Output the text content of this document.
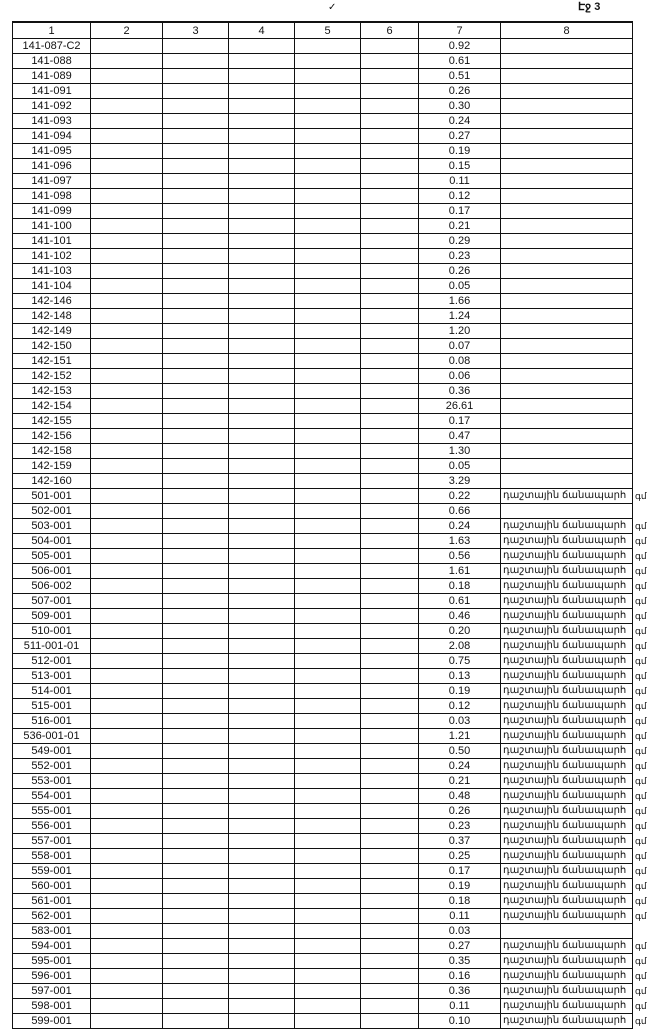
Էջ 3
✓
1	2	3	4	5	6	7	8
141-087-C2						0.92	
141-088						0.61	
141-089						0.51	
141-091						0.26	
141-092						0.30	
141-093						0.24	
141-094						0.27	
141-095						0.19	
141-096						0.15	
141-097						0.11	
141-098						0.12	
141-099						0.17	
141-100						0.21	
141-101						0.29	
141-102						0.23	
141-103						0.26	
141-104						0.05	
142-146						1.66	
142-148						1.24	
142-149						1.20	
142-150						0.07	
142-151						0.08	
142-152						0.06	
142-153						0.36	
142-154						26.61	
142-155						0.17	
142-156						0.47	
142-158						1.30	
142-159						0.05	
142-160						3.29	
501-001						0.22	դաշտային ճանապարհ գմ

502-001						0.66	
503-001						0.24	դաշտային ճանապարհ գմ

504-001						1.63	դաշտային ճանապարհ գմ

505-001						0.56	դաշտային ճանապարհ գմ

506-001						1.61	դաշտային ճանապարհ գմ

506-002						0.18	դաշտային ճանապարհ գմ

507-001						0.61	դաշտային ճանապարհ գմ

509-001						0.46	դաշտային ճանապարհ գմ

510-001						0.20	դաշտային ճանապարհ գմ

511-001-01						2.08	դաշտային ճանապարհ գմ

512-001						0.75	դաշտային ճանապարհ գմ

513-001						0.13	դաշտային ճանապարհ գմ

514-001						0.19	դաշտային ճանապարհ գմ

515-001						0.12	դաշտային ճանապարհ գմ

516-001						0.03	դաշտային ճանապարհ գմ

536-001-01						1.21	դաշտային ճանապարհ գմ

549-001						0.50	դաշտային ճանապարհ գմ

552-001						0.24	դաշտային ճանապարհ գմ

553-001						0.21	դաշտային ճանապարհ գմ

554-001						0.48	դաշտային ճանապարհ գմ

555-001						0.26	դաշտային ճանապարհ գմ

556-001						0.23	դաշտային ճանապարհ գմ

557-001						0.37	դաշտային ճանապարհ գմ

558-001						0.25	դաշտային ճանապարհ գմ

559-001						0.17	դաշտային ճանապարհ գմ

560-001						0.19	դաշտային ճանապարհ գմ

561-001						0.18	դաշտային ճանապարհ գմ

562-001						0.11	դաշտային ճանապարհ գմ

583-001						0.03	
594-001						0.27	դաշտային ճանապարհ գմ

595-001						0.35	դաշտային ճանապարհ գմ

596-001						0.16	դաշտային ճանապարհ գմ

597-001						0.36	դաշտային ճանապարհ գմ

598-001						0.11	դաշտային ճանապարհ գմ

599-001						0.10	դաշտային ճանապարհ գմ
